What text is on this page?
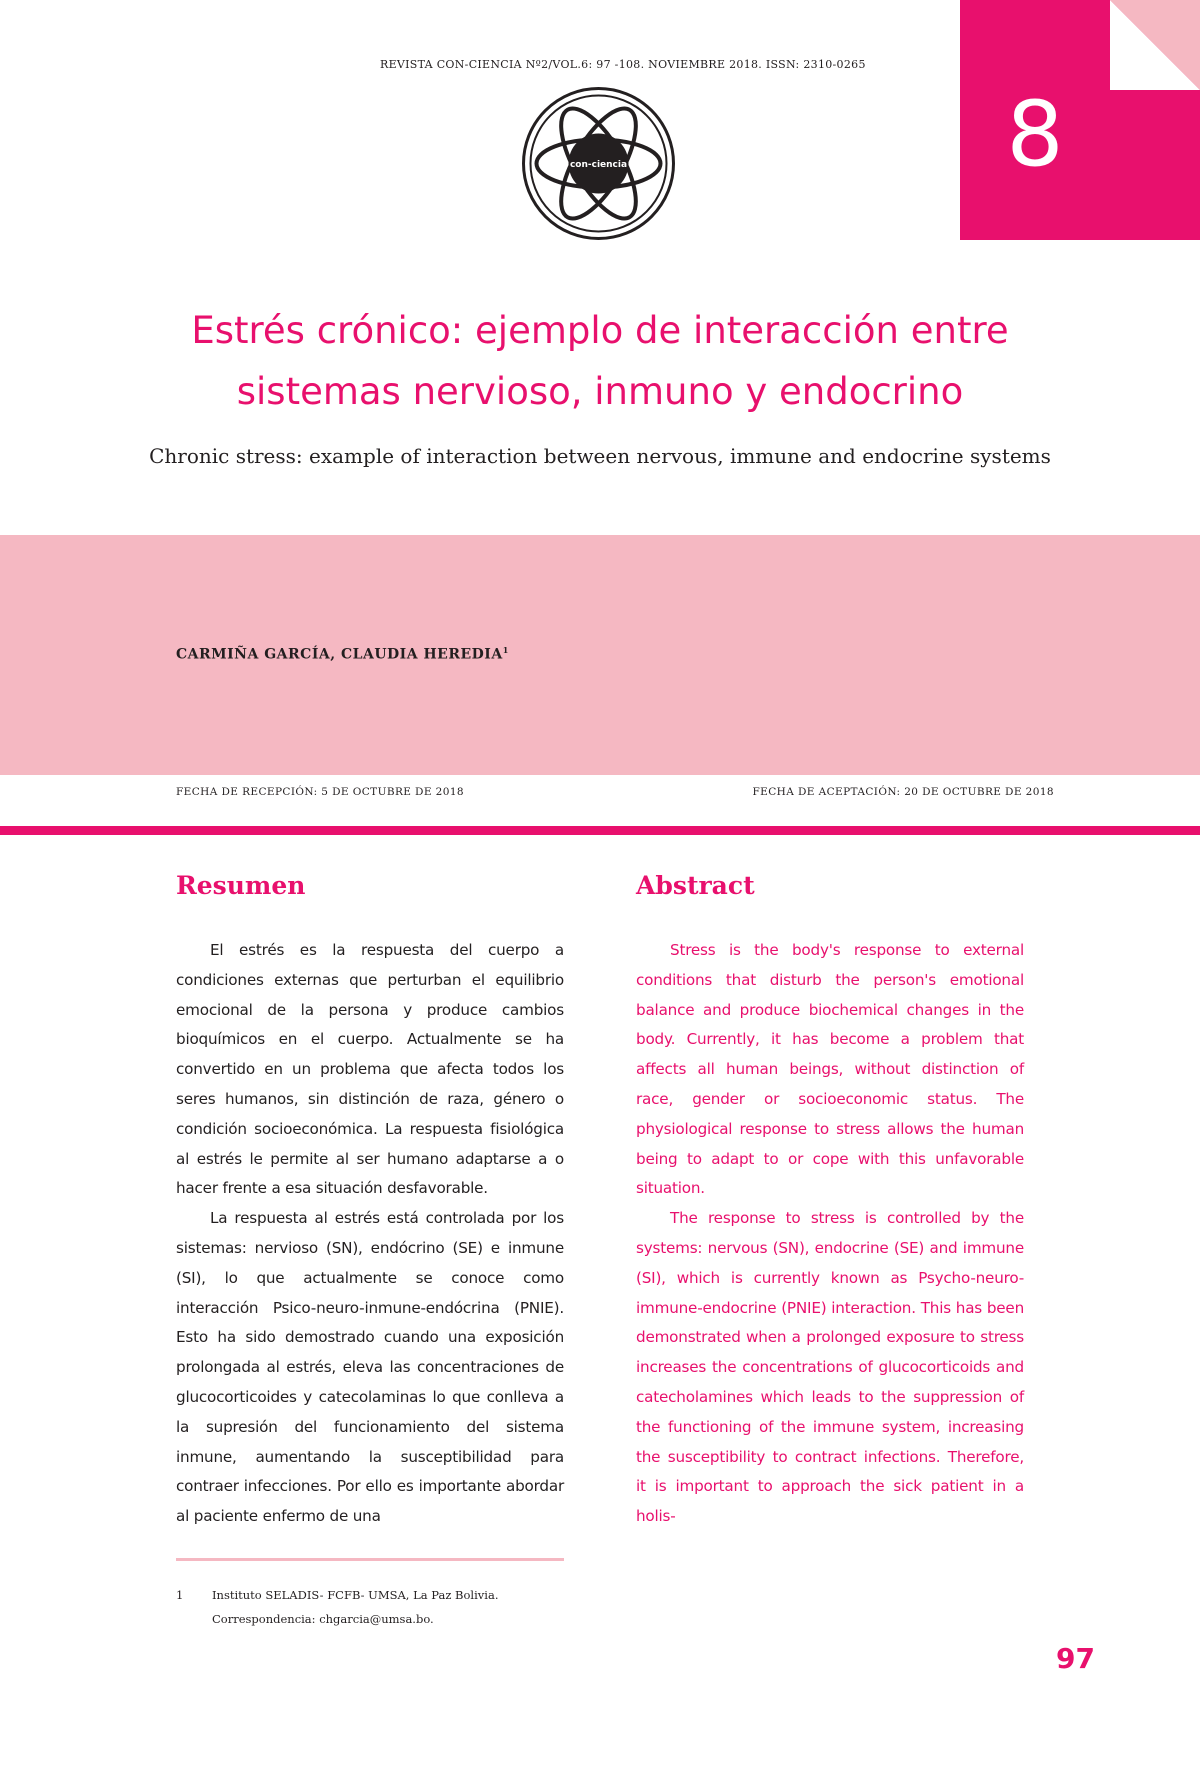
REVISTA CON-CIENCIA Nº2/VOL.6: 97 -108. NOVIEMBRE 2018. ISSN: 2310-0265
con-ciencia	8
Estrés crónico: ejemplo de interacción entre
sistemas nervioso, inmuno y endocrino
Chronic stress: example of interaction between nervous, immune and endocrine systems
CARMIÑA GARCÍA, CLAUDIA HEREDIA$^1$
FECHA DE RECEPCIÓN: 5 DE OCTUBRE DE 2018	FECHA DE ACEPTACIÓN: 20 DE OCTUBRE DE 2018
Resumen	Abstract

El estrés es la respuesta del cuerpo a condiciones externas que perturban el equilibrio emocional de la persona y produce cambios bioquímicos en el cuerpo. Actualmente se ha convertido en un problema que afecta todos los seres humanos, sin distinción de raza, género o condición socioeconómica. La respuesta fisiológica al estrés le permite al ser humano adaptarse a o hacer frente a esa situación desfavorable.

La respuesta al estrés está controlada por los sistemas: nervioso (SN), endócrino (SE) e inmune (SI), lo que actualmente se conoce como interacción Psico-neuro-inmune-endócrina (PNIE). Esto ha sido demostrado cuando una exposición prolongada al estrés, eleva las concentraciones de glucocorticoides y catecolaminas lo que conlleva a la supresión del funcionamiento del sistema inmune, aumentando la susceptibilidad para contraer infecciones. Por ello es importante abordar al paciente enfermo de una

Stress is the body's response to external conditions that disturb the person's emotional balance and produce biochemical changes in the body. Currently, it has become a problem that affects all human beings, without distinction of race, gender or socioeconomic status. The physiological response to stress allows the human being to adapt to or cope with this unfavorable situation.

The response to stress is controlled by the systems: nervous (SN), endocrine (SE) and immune (SI), which is currently known as Psycho-neuro-immune-endocrine (PNIE) interaction. This has been demonstrated when a prolonged exposure to stress increases the concentrations of glucocorticoids and catecholamines which leads to the suppression of the functioning of the immune system, increasing the susceptibility to contract infections. Therefore, it is important to approach the sick patient in a holis-

1 Instituto SELADIS- FCFB- UMSA, La Paz Bolivia.
Correspondencia: chgarcia@umsa.bo.
97
